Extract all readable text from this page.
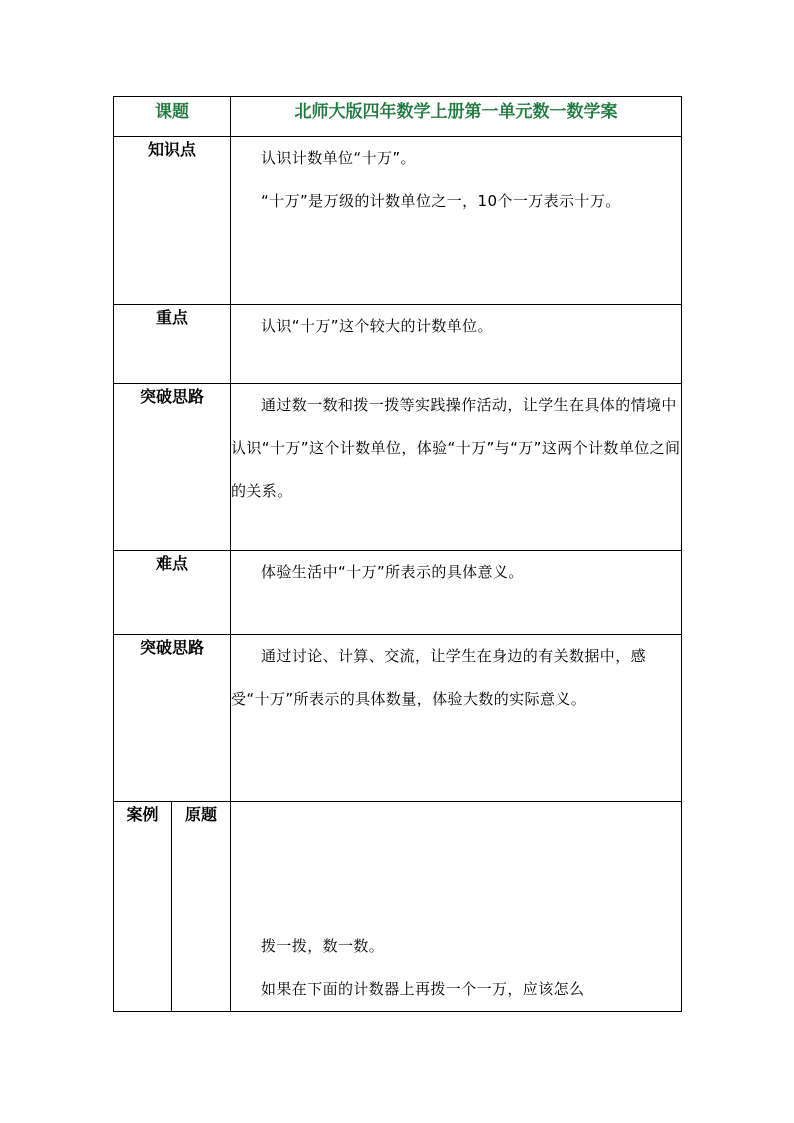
课题		北师大版四年数学上册第一单元数一数学案
知识点		认识计数单位“十万”。

“十万”是万级的计数单位之一，10个一万表示十万。

重点		认识“十万”这个较大的计数单位。

突破思路		通过数一数和拨一拨等实践操作活动，让学生在具体的情境中认识“十万”这个计数单位，体验“十万”与“万”这两个计数单位之间的关系。

难点		体验生活中“十万”所表示的具体意义。

突破思路		通过讨论、计算、交流，让学生在身边的有关数据中，感受“十万”所表示的具体数量，体验大数的实际意义。

案例	原题	拨一拨，数一数。

如果在下面的计数器上再拨一个一万，应该怎么
